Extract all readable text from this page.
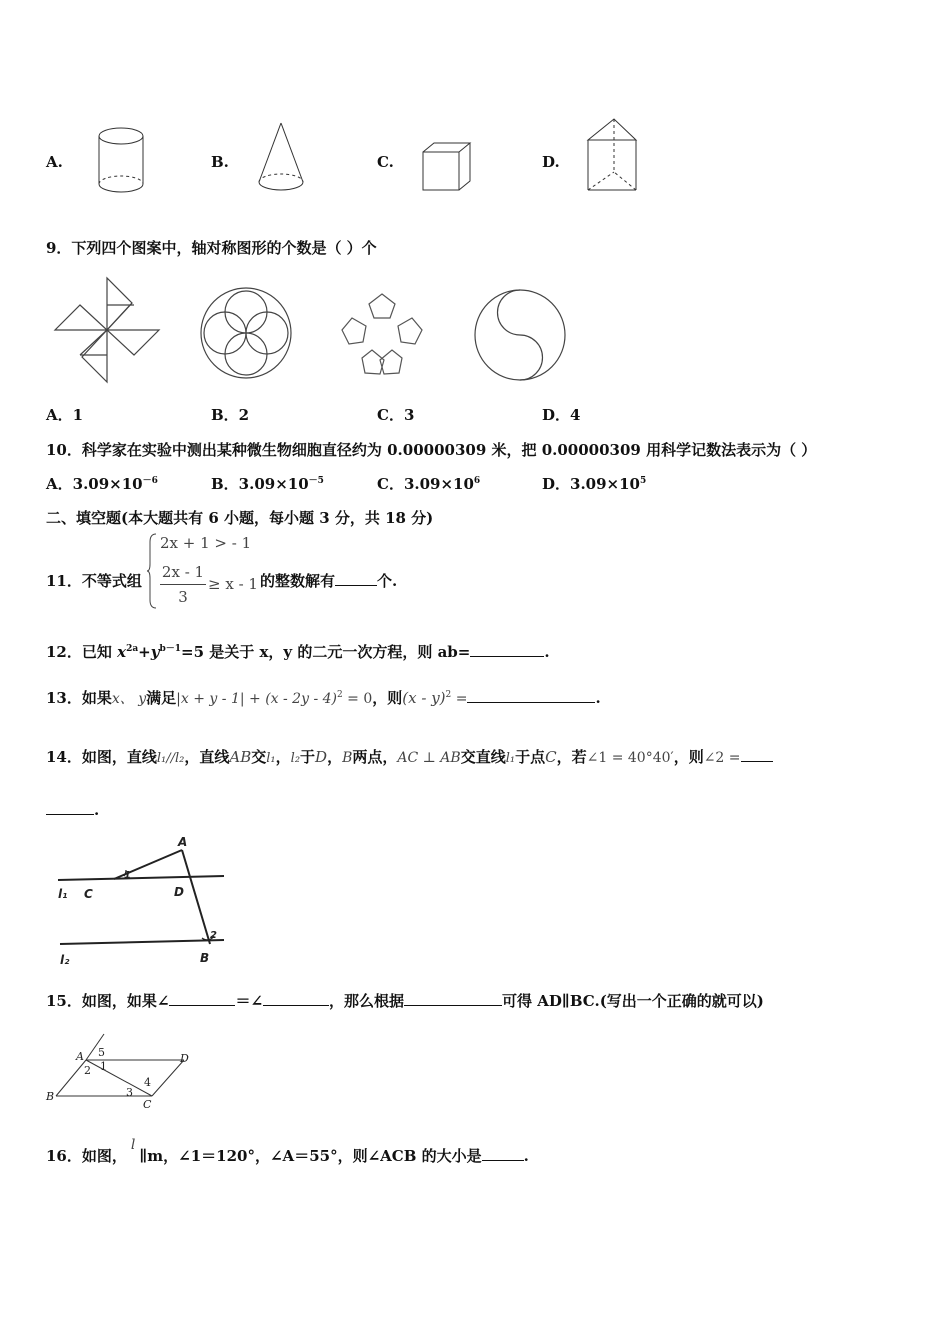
A.	B.	C.	D.
9．下列四个图案中，轴对称图形的个数是（ ）个
A．1	B．2	C．3	D．4
10．科学家在实验中测出某种微生物细胞直径约为 0.00000309 米，把 0.00000309 用科学记数法表示为（ ）
A．$3.09\times 10^{-6}$	B．$3.09\times 10^{-5}$	C．$3.09\times 10^6$	D．$3.09\times 10^5$
二、填空题(本大题共有 6 小题，每小题 3 分，共 18 分)
11．不等式组
2x + 1 > - 1
2x - 1
3
≥ x - 1 的整数解有	个.
12．已知 $x^{2a}+y^{b-1}=5$ 是关于 x，y 的二元一次方程，则 ab=	.
13．如果x、 y满足|x + y - 1| + (x - 2y - 4)$^2$ = 0，则(x - y)$^2$ =	.
14．如图，直线l₁//l₂，直线AB交l₁，l₂于D，B两点，AC ⊥ AB交直线l₁于点C，若∠1 = 40°40′，则∠2 =
.
A
C	D
B
l₁
l₂
1
2
15．如图，如果∠	＝∠	，那么根据	可得 AD∥BC.(写出一个正确的就可以)
A	D
B
C
5
1
2
4
3
16．如图，l∥m，∠1＝120°，∠A＝55°，则∠ACB 的大小是	.
